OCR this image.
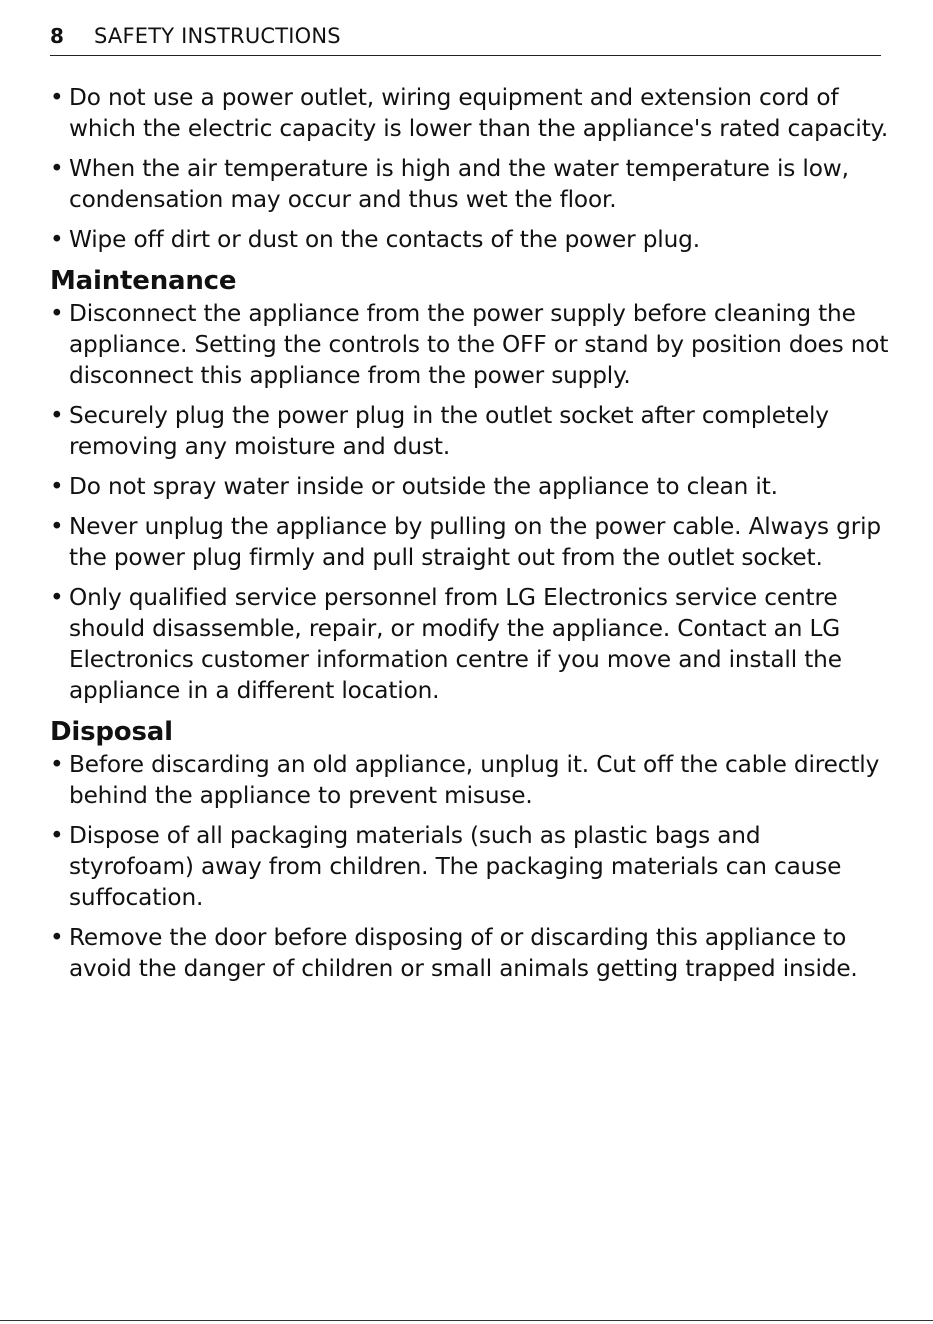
8 SAFETY INSTRUCTIONS
• Do not use a power outlet, wiring equipment and extension cord of which the electric capacity is lower than the appliance's rated capacity.
• When the air temperature is high and the water temperature is low, condensation may occur and thus wet the floor.
• Wipe off dirt or dust on the contacts of the power plug.
Maintenance
• Disconnect the appliance from the power supply before cleaning the appliance. Setting the controls to the OFF or stand by position does not disconnect this appliance from the power supply.
• Securely plug the power plug in the outlet socket after completely removing any moisture and dust.
• Do not spray water inside or outside the appliance to clean it.
• Never unplug the appliance by pulling on the power cable. Always grip the power plug firmly and pull straight out from the outlet socket.
• Only qualified service personnel from LG Electronics service centre should disassemble, repair, or modify the appliance. Contact an LG Electronics customer information centre if you move and install the appliance in a different location.
Disposal
• Before discarding an old appliance, unplug it. Cut off the cable directly behind the appliance to prevent misuse.
• Dispose of all packaging materials (such as plastic bags and styrofoam) away from children. The packaging materials can cause suffocation.
• Remove the door before disposing of or discarding this appliance to avoid the danger of children or small animals getting trapped inside.
